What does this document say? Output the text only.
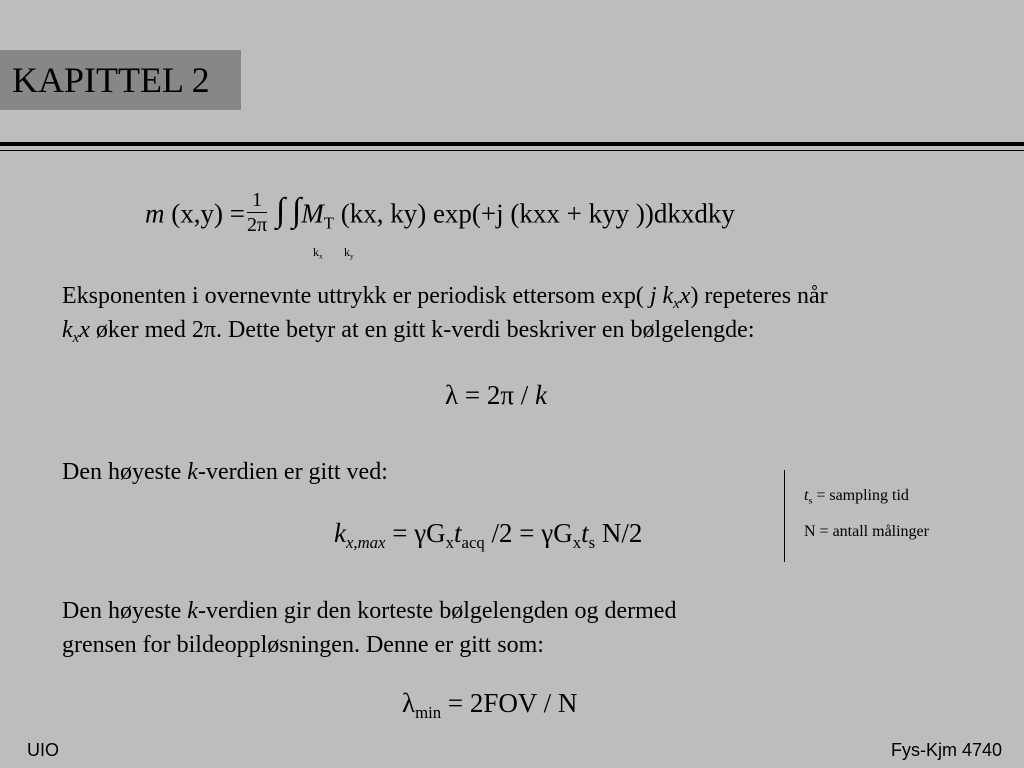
KAPITTEL 2
m $(x,y) = \frac{1}{2\pi}$ ∫ $\int M_T$ (kx, ky) exp(+j (kxx + kyy ))dkxdky
$k_x$ $k_y$
Eksponenten i overnevnte uttrykk er periodisk ettersom exp( j $k_xx$) repeteres når
$k_xx$ øker med 2π. Dette betyr at en gitt k-verdi beskriver en bølgelengde:
λ = 2π / k
Den høyeste k-verdien er gitt ved:
$k_{x,max} = \gamma G_xt_{acq}$ $/2 = \gamma G_xt_s$ N/2
$t_s$ = sampling tid
N = antall målinger
Den høyeste k-verdien gir den korteste bølgelengden og dermed
grensen for bildeoppløsningen. Denne er gitt som:
$\lambda_{min} = 2FOV / N$
UIO	Fys-Kjm 4740
